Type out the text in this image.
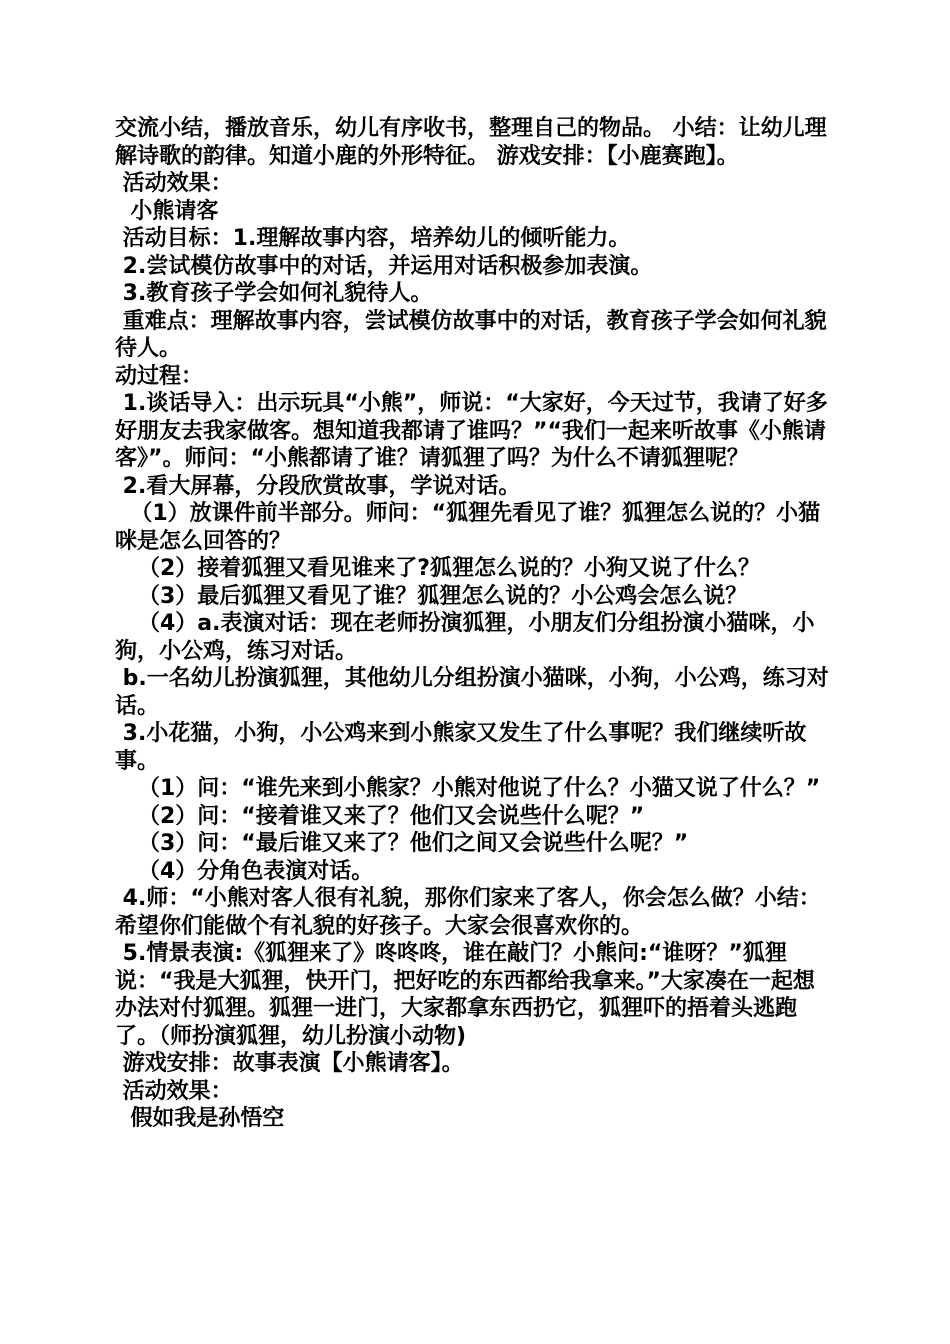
交流小结，播放音乐，幼儿有序收书，整理自己的物品。 小结：让幼儿理解诗歌的韵律。知道小鹿的外形特征。 游戏安排：【小鹿赛跑】。

活动效果：

小熊请客

活动目标：1.理解故事内容，培养幼儿的倾听能力。

2.尝试模仿故事中的对话，并运用对话积极参加表演。

3.教育孩子学会如何礼貌待人。

重难点：理解故事内容，尝试模仿故事中的对话，教育孩子学会如何礼貌待人。

动过程：

1.谈话导入：出示玩具“小熊”，师说：“大家好，今天过节，我请了好多好朋友去我家做客。想知道我都请了谁吗？”“我们一起来听故事《小熊请客》”。师问：“小熊都请了谁？请狐狸了吗？为什么不请狐狸呢？

2.看大屏幕，分段欣赏故事，学说对话。

（1）放课件前半部分。师问：“狐狸先看见了谁？狐狸怎么说的？小猫咪是怎么回答的？

（2）接着狐狸又看见谁来了?狐狸怎么说的？小狗又说了什么？

（3）最后狐狸又看见了谁？狐狸怎么说的？小公鸡会怎么说？

（4）a.表演对话：现在老师扮演狐狸，小朋友们分组扮演小猫咪，小狗，小公鸡，练习对话。

b.一名幼儿扮演狐狸，其他幼儿分组扮演小猫咪，小狗，小公鸡，练习对话。

3.小花猫，小狗，小公鸡来到小熊家又发生了什么事呢？我们继续听故事。

（1）问：“谁先来到小熊家？小熊对他说了什么？小猫又说了什么？”

（2）问：“接着谁又来了？他们又会说些什么呢？”

（3）问：“最后谁又来了？他们之间又会说些什么呢？”

（4）分角色表演对话。

4.师：“小熊对客人很有礼貌，那你们家来了客人，你会怎么做？小结：希望你们能做个有礼貌的好孩子。大家会很喜欢你的。

5.情景表演:《狐狸来了》咚咚咚，谁在敲门？小熊问:“谁呀？”狐狸说：“我是大狐狸，快开门，把好吃的东西都给我拿来。”大家凑在一起想办法对付狐狸。狐狸一进门，大家都拿东西扔它，狐狸吓的捂着头逃跑了。（师扮演狐狸，幼儿扮演小动物)

游戏安排：故事表演【小熊请客】。

活动效果：

假如我是孙悟空
